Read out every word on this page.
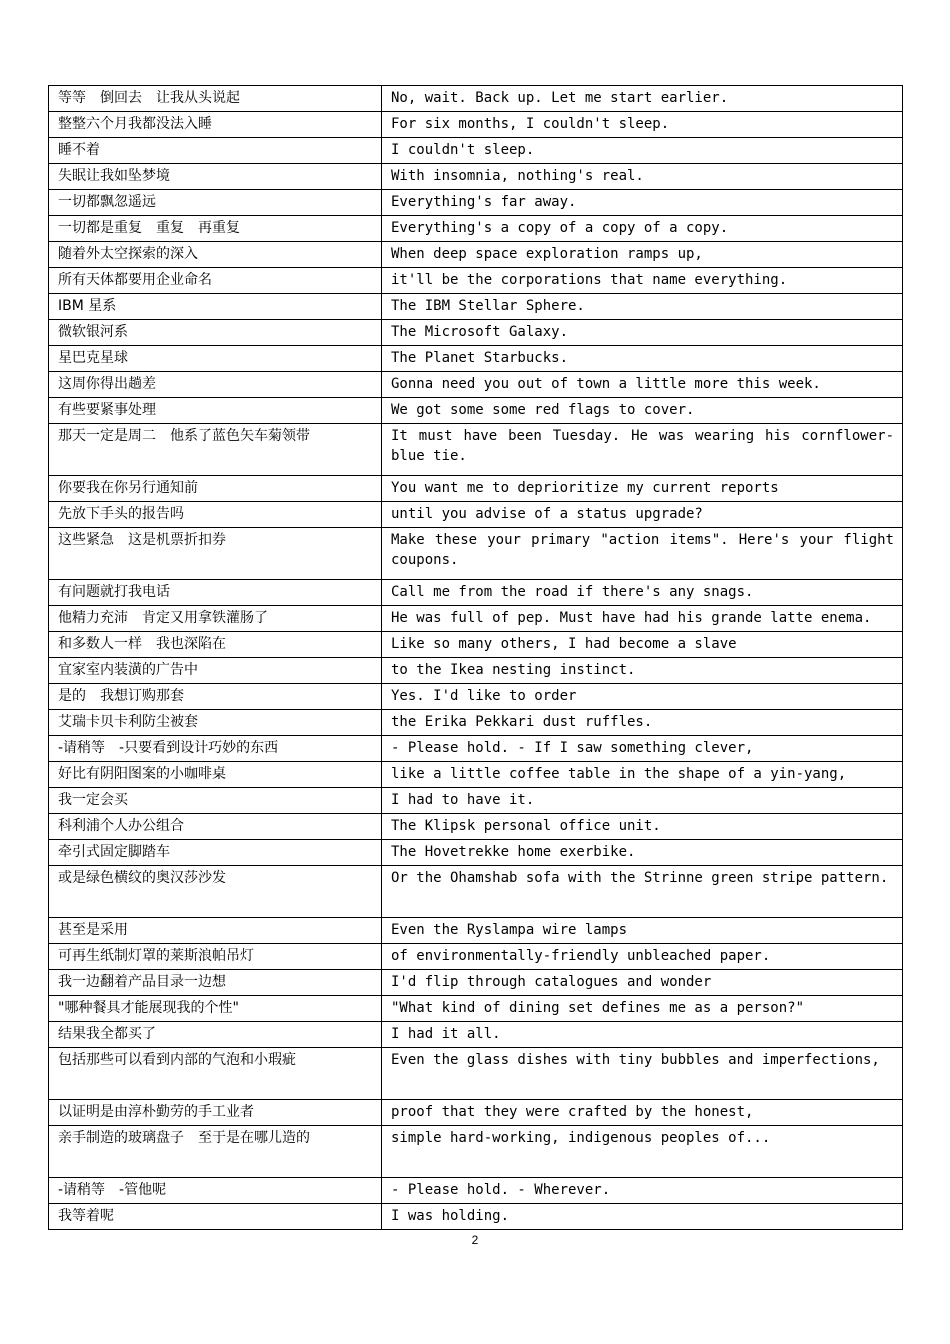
等等　倒回去　让我从头说起	No, wait. Back up. Let me start earlier.
整整六个月我都没法入睡	For six months, I couldn't sleep.
睡不着	I couldn't sleep.
失眠让我如坠梦境	With insomnia, nothing's real.
一切都飘忽遥远	Everything's far away.
一切都是重复　重复　再重复	Everything's a copy of a copy of a copy.
随着外太空探索的深入	When deep space exploration ramps up,
所有天体都要用企业命名	it'll be the corporations that name everything.
IBM 星系	The IBM Stellar Sphere.
微软银河系	The Microsoft Galaxy.
星巴克星球	The Planet Starbucks.
这周你得出趟差	Gonna need you out of town a little more this week.
有些要紧事处理	We got some some red flags to cover.
那天一定是周二　他系了蓝色矢车菊领带	It must have been Tuesday. He was wearing his cornflower-blue tie.
你要我在你另行通知前	You want me to deprioritize my current reports
先放下手头的报告吗	until you advise of a status upgrade?
这些紧急　这是机票折扣券	Make these your primary "action items". Here's your flight coupons.
有问题就打我电话	Call me from the road if there's any snags.
他精力充沛　肯定又用拿铁灌肠了	He was full of pep. Must have had his grande latte enema.
和多数人一样　我也深陷在	Like so many others, I had become a slave
宜家室内装潢的广告中	to the Ikea nesting instinct.
是的　我想订购那套	Yes. I'd like to order
艾瑞卡贝卡利防尘被套	the Erika Pekkari dust ruffles.
-请稍等　-只要看到设计巧妙的东西	- Please hold. - If I saw something clever,
好比有阴阳图案的小咖啡桌	like a little coffee table in the shape of a yin-yang,
我一定会买	I had to have it.
科利浦个人办公组合	The Klipsk personal office unit.
牵引式固定脚踏车	The Hovetrekke home exerbike.
或是绿色横纹的奥汉莎沙发	Or the Ohamshab sofa with the Strinne green stripe pattern.
甚至是采用	Even the Ryslampa wire lamps
可再生纸制灯罩的莱斯浪帕吊灯	of environmentally-friendly unbleached paper.
我一边翻着产品目录一边想	I'd flip through catalogues and wonder
"哪种餐具才能展现我的个性"	"What kind of dining set defines me as a person?"
结果我全都买了	I had it all.
包括那些可以看到内部的气泡和小瑕疵	Even the glass dishes with tiny bubbles and imperfections,
以证明是由淳朴勤劳的手工业者	proof that they were crafted by the honest,
亲手制造的玻璃盘子　至于是在哪儿造的	simple hard-working, indigenous peoples of...
-请稍等　-管他呢	- Please hold. - Wherever.
我等着呢	I was holding.
2
